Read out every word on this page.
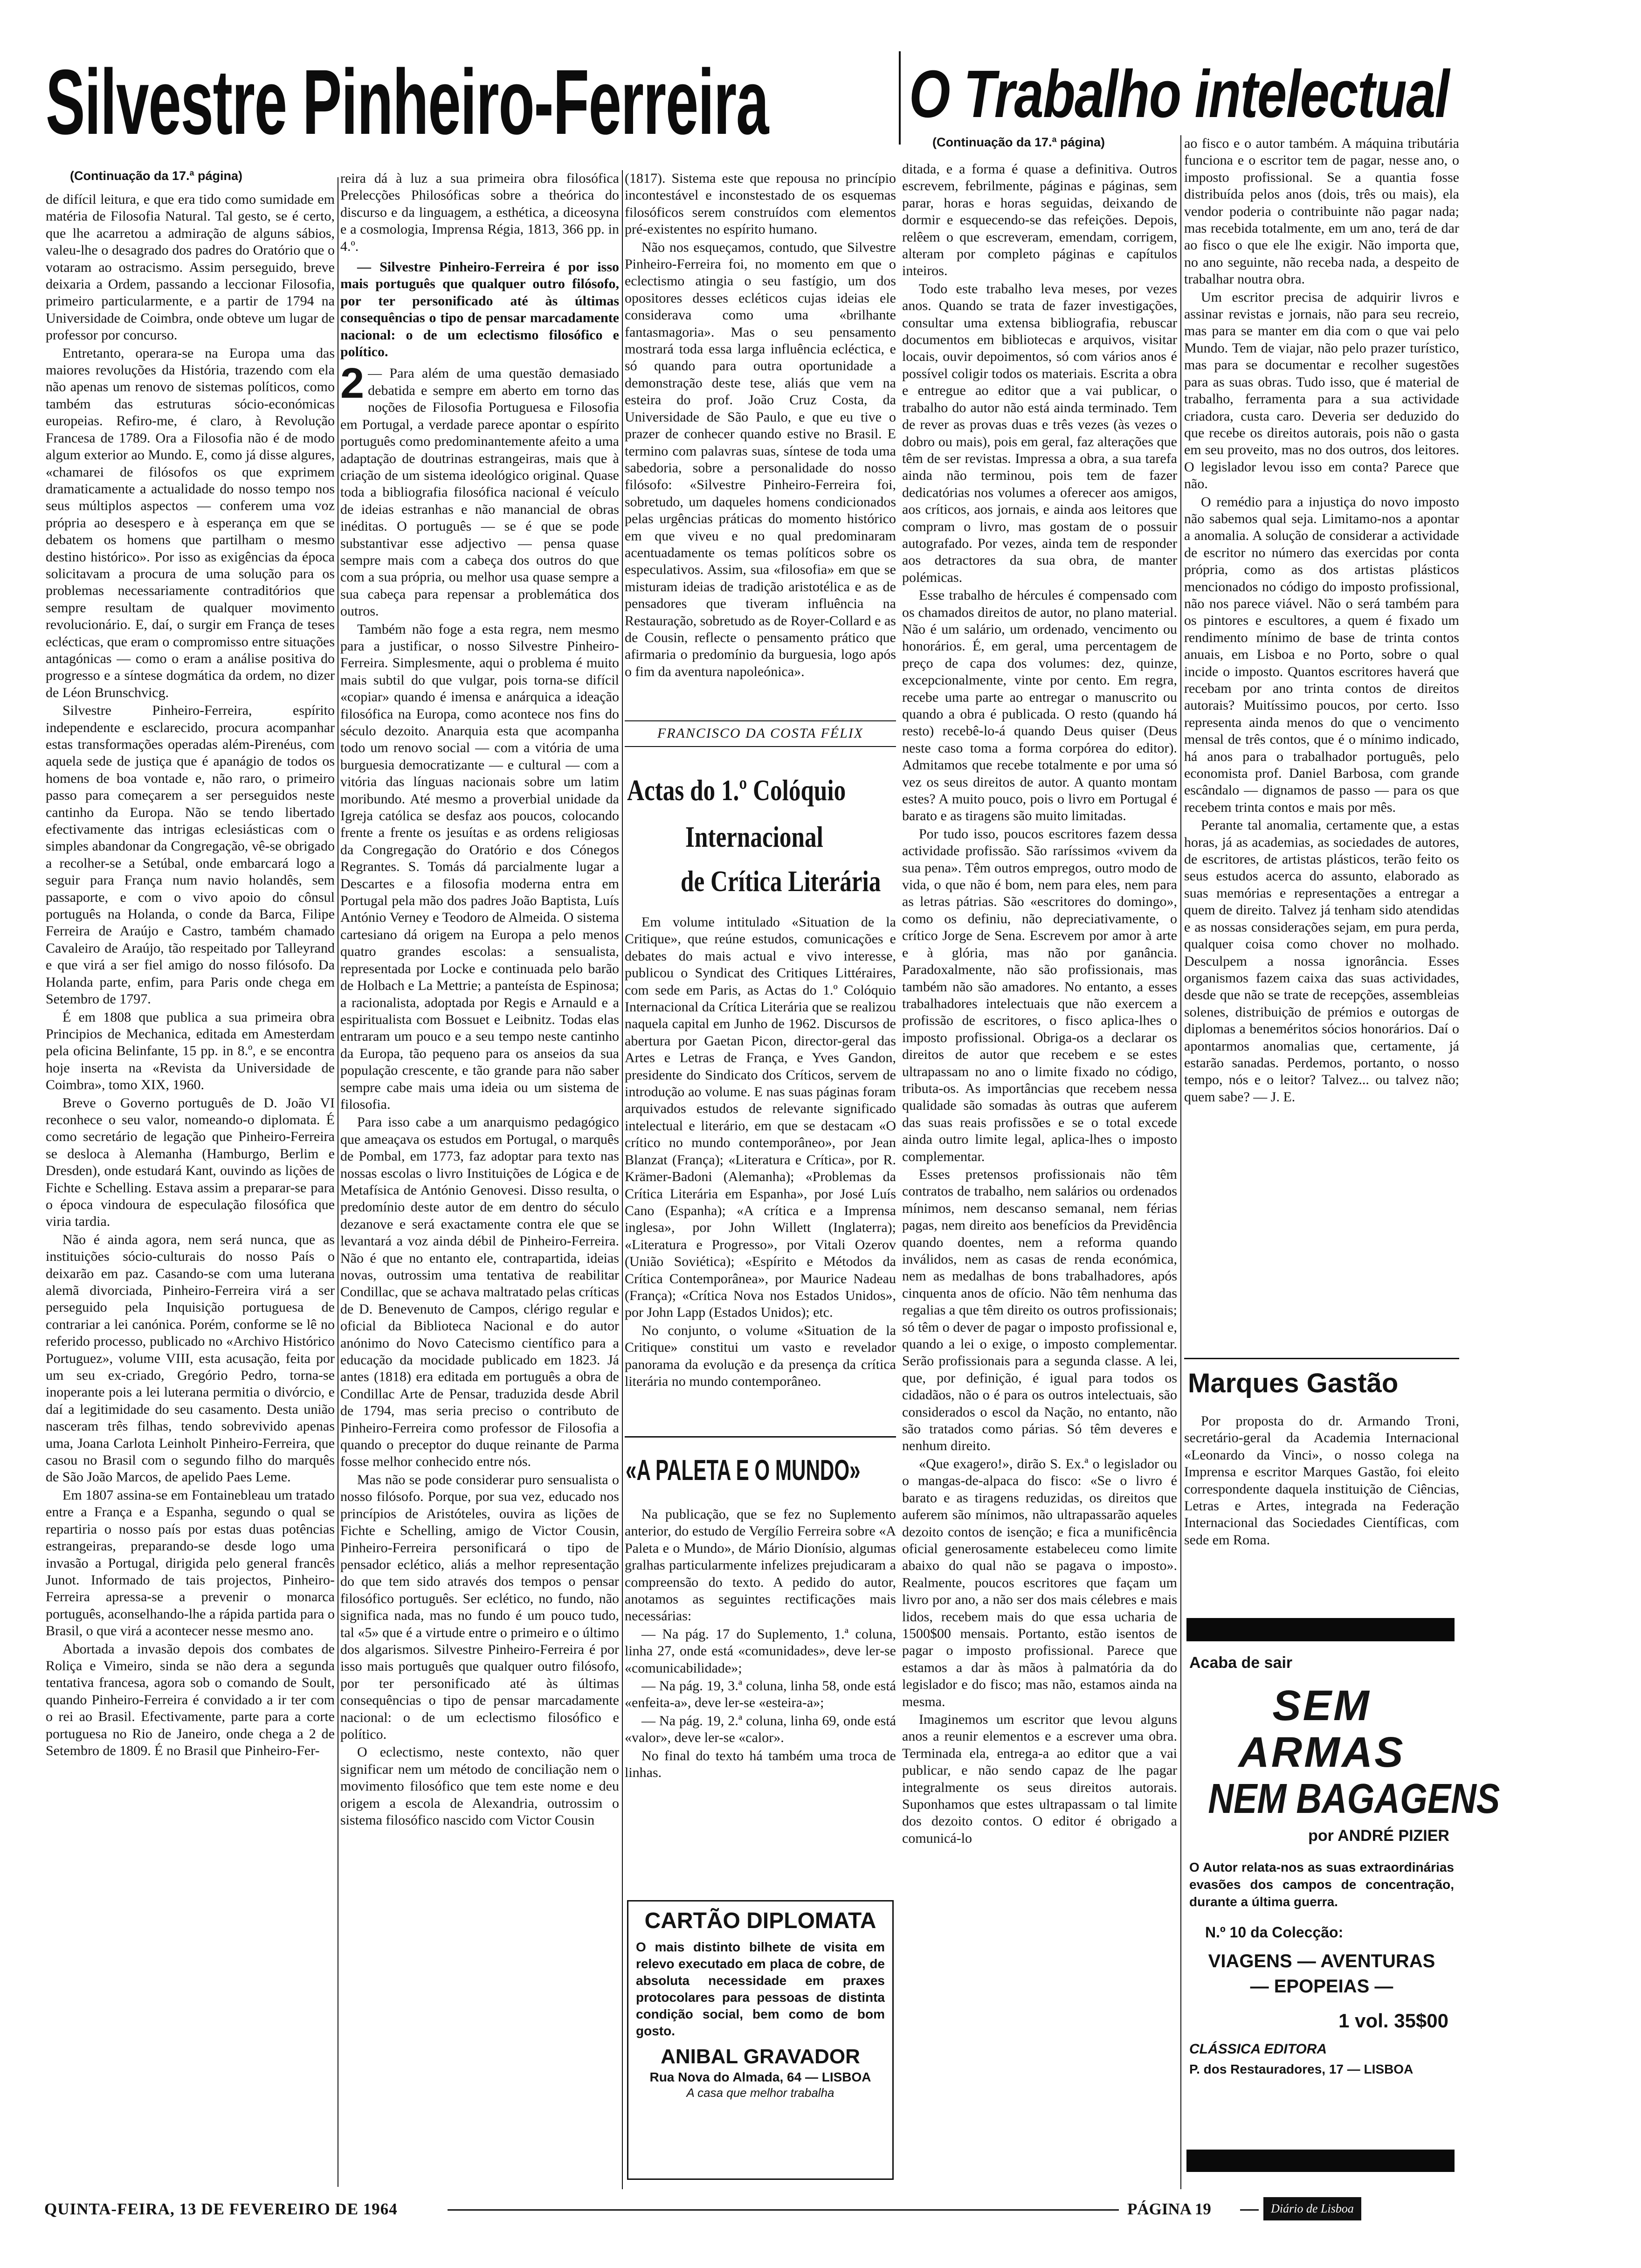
Silvestre Pinheiro-Ferreira
(Continuação da 17.ª página)

de difícil leitura, e que era tido como sumidade em matéria de Filosofia Natural. Tal gesto, se é certo, que lhe acarretou a admiração de alguns sábios, valeu-lhe o desagrado dos padres do Oratório que o votaram ao ostracismo. Assim perseguido, breve deixaria a Ordem, passando a leccionar Filosofia, primeiro particularmente, e a partir de 1794 na Universidade de Coimbra, onde obteve um lugar de professor por concurso.

Entretanto, operara-se na Europa uma das maiores revoluções da História, trazendo com ela não apenas um renovo de sistemas políticos, como também das estruturas sócio-económicas europeias. Refiro-me, é claro, à Revolução Francesa de 1789. Ora a Filosofia não é de modo algum exterior ao Mundo. E, como já disse algures, «chamarei de filósofos os que exprimem dramaticamente a actualidade do nosso tempo nos seus múltiplos aspectos — conferem uma voz própria ao desespero e à esperança em que se debatem os homens que partilham o mesmo destino histórico». Por isso as exigências da época solicitavam a procura de uma solução para os problemas necessariamente contraditórios que sempre resultam de qualquer movimento revolucionário. E, daí, o surgir em França de teses eclécticas, que eram o compromisso entre situações antagónicas — como o eram a análise positiva do progresso e a síntese dogmática da ordem, no dizer de Léon Brunschvicg.

Silvestre Pinheiro-Ferreira, espírito independente e esclarecido, procura acompanhar estas transformações operadas além-Pirenéus, com aquela sede de justiça que é apanágio de todos os homens de boa vontade e, não raro, o primeiro passo para começarem a ser perseguidos neste cantinho da Europa. Não se tendo libertado efectivamente das intrigas eclesiásticas com o simples abandonar da Congregação, vê-se obrigado a recolher-se a Setúbal, onde embarcará logo a seguir para França num navio holandês, sem passaporte, e com o vivo apoio do cônsul português na Holanda, o conde da Barca, Filipe Ferreira de Araújo e Castro, também chamado Cavaleiro de Araújo, tão respeitado por Talleyrand e que virá a ser fiel amigo do nosso filósofo. Da Holanda parte, enfim, para Paris onde chega em Setembro de 1797.

É em 1808 que publica a sua primeira obra Principios de Mechanica, editada em Amesterdam pela oficina Belinfante, 15 pp. in 8.º, e se encontra hoje inserta na «Revista da Universidade de Coimbra», tomo XIX, 1960.

Breve o Governo português de D. João VI reconhece o seu valor, nomeando-o diplomata. É como secretário de legação que Pinheiro-Ferreira se desloca à Alemanha (Hamburgo, Berlim e Dresden), onde estudará Kant, ouvindo as lições de Fichte e Schelling. Estava assim a preparar-se para o época vindoura de especulação filosófica que viria tardia.

Não é ainda agora, nem será nunca, que as instituições sócio-culturais do nosso País o deixarão em paz. Casando-se com uma luterana alemã divorciada, Pinheiro-Ferreira virá a ser perseguido pela Inquisição portuguesa de contrariar a lei canónica. Porém, conforme se lê no referido processo, publicado no «Archivo Histórico Portuguez», volume VIII, esta acusação, feita por um seu ex-criado, Gregório Pedro, torna-se inoperante pois a lei luterana permitia o divórcio, e daí a legitimidade do seu casamento. Desta união nasceram três filhas, tendo sobrevivido apenas uma, Joana Carlota Leinholt Pinheiro-Ferreira, que casou no Brasil com o segundo filho do marquês de São João Marcos, de apelido Paes Leme.

Em 1807 assina-se em Fontainebleau um tratado entre a França e a Espanha, segundo o qual se repartiria o nosso país por estas duas potências estrangeiras, preparando-se desde logo uma invasão a Portugal, dirigida pelo general francês Junot. Informado de tais projectos, Pinheiro-Ferreira apressa-se a prevenir o monarca português, aconselhando-lhe a rápida partida para o Brasil, o que virá a acontecer nesse mesmo ano.

Abortada a invasão depois dos combates de Roliça e Vimeiro, sinda se não dera a segunda tentativa francesa, agora sob o comando de Soult, quando Pinheiro-Ferreira é convidado a ir ter com o rei ao Brasil. Efectivamente, parte para a corte portuguesa no Rio de Janeiro, onde chega a 2 de Setembro de 1809. É no Brasil que Pinheiro-Fer-

reira dá à luz a sua primeira obra filosófica Prelecções Philosóficas sobre a theórica do discurso e da linguagem, a esthética, a diceosyna e a cosmologia, Imprensa Régia, 1813, 366 pp. in 4.º.

— Silvestre Pinheiro-Ferreira é por isso mais português que qualquer outro filósofo, por ter personificado até às últimas consequências o tipo de pensar marcadamente nacional: o de um eclectismo filosófico e político.

2 — Para além de uma questão demasiado debatida e sempre em aberto em torno das noções de Filosofia Portuguesa e Filosofia em Portugal, a verdade parece apontar o espírito português como predominantemente afeito a uma adaptação de doutrinas estrangeiras, mais que à criação de um sistema ideológico original. Quase toda a bibliografia filosófica nacional é veículo de ideias estranhas e não manancial de obras inéditas. O português — se é que se pode substantivar esse adjectivo — pensa quase sempre mais com a cabeça dos outros do que com a sua própria, ou melhor usa quase sempre a sua cabeça para repensar a problemática dos outros.

Também não foge a esta regra, nem mesmo para a justificar, o nosso Silvestre Pinheiro-Ferreira. Simplesmente, aqui o problema é muito mais subtil do que vulgar, pois torna-se difícil «copiar» quando é imensa e anárquica a ideação filosófica na Europa, como acontece nos fins do século dezoito. Anarquia esta que acompanha todo um renovo social — com a vitória de uma burguesia democratizante — e cultural — com a vitória das línguas nacionais sobre um latim moribundo. Até mesmo a proverbial unidade da Igreja católica se desfaz aos poucos, colocando frente a frente os jesuítas e as ordens religiosas da Congregação do Oratório e dos Cónegos Regrantes. S. Tomás dá parcialmente lugar a Descartes e a filosofia moderna entra em Portugal pela mão dos padres João Baptista, Luís António Verney e Teodoro de Almeida. O sistema cartesiano dá origem na Europa a pelo menos quatro grandes escolas: a sensualista, representada por Locke e continuada pelo barão de Holbach e La Mettrie; a panteísta de Espinosa; a racionalista, adoptada por Regis e Arnauld e a espiritualista com Bossuet e Leibnitz. Todas elas entraram um pouco e a seu tempo neste cantinho da Europa, tão pequeno para os anseios da sua população crescente, e tão grande para não saber sempre cabe mais uma ideia ou um sistema de filosofia.

Para isso cabe a um anarquismo pedagógico que ameaçava os estudos em Portugal, o marquês de Pombal, em 1773, faz adoptar para texto nas nossas escolas o livro Instituições de Lógica e de Metafísica de António Genovesi. Disso resulta, o predomínio deste autor de em dentro do século dezanove e será exactamente contra ele que se levantará a voz ainda débil de Pinheiro-Ferreira. Não é que no entanto ele, contrapartida, ideias novas, outrossim uma tentativa de reabilitar Condillac, que se achava maltratado pelas críticas de D. Benevenuto de Campos, clérigo regular e oficial da Biblioteca Nacional e do autor anónimo do Novo Catecismo científico para a educação da mocidade publicado em 1823. Já antes (1818) era editada em português a obra de Condillac Arte de Pensar, traduzida desde Abril de 1794, mas seria preciso o contributo de Pinheiro-Ferreira como professor de Filosofia a quando o preceptor do duque reinante de Parma fosse melhor conhecido entre nós.

Mas não se pode considerar puro sensualista o nosso filósofo. Porque, por sua vez, educado nos princípios de Aristóteles, ouvira as lições de Fichte e Schelling, amigo de Victor Cousin, Pinheiro-Ferreira personificará o tipo de pensador eclético, aliás a melhor representação do que tem sido através dos tempos o pensar filosófico português. Ser eclético, no fundo, não significa nada, mas no fundo é um pouco tudo, tal «5» que é a virtude entre o primeiro e o último dos algarismos. Silvestre Pinheiro-Ferreira é por isso mais português que qualquer outro filósofo, por ter personificado até às últimas consequências o tipo de pensar marcadamente nacional: o de um eclectismo filosófico e político.

O eclectismo, neste contexto, não quer significar nem um método de conciliação nem o movimento filosófico que tem este nome e deu origem a escola de Alexandria, outrossim o sistema filosófico nascido com Victor Cousin

(1817). Sistema este que repousa no princípio incontestável e inconstestado de os esquemas filosóficos serem construídos com elementos pré-existentes no espírito humano.

Não nos esqueçamos, contudo, que Silvestre Pinheiro-Ferreira foi, no momento em que o eclectismo atingia o seu fastígio, um dos opositores desses ecléticos cujas ideias ele considerava como uma «brilhante fantasmagoria». Mas o seu pensamento mostrará toda essa larga influência ecléctica, e só quando para outra oportunidade a demonstração deste tese, aliás que vem na esteira do prof. João Cruz Costa, da Universidade de São Paulo, e que eu tive o prazer de conhecer quando estive no Brasil. E termino com palavras suas, síntese de toda uma sabedoria, sobre a personalidade do nosso filósofo: «Silvestre Pinheiro-Ferreira foi, sobretudo, um daqueles homens condicionados pelas urgências práticas do momento histórico em que viveu e no qual predominaram acentuadamente os temas políticos sobre os especulativos. Assim, sua «filosofia» em que se misturam ideias de tradição aristotélica e as de pensadores que tiveram influência na Restauração, sobretudo as de Royer-Collard e as de Cousin, reflecte o pensamento prático que afirmaria o predomínio da burguesia, logo após o fim da aventura napoleónica».

FRANCISCO DA COSTA FÉLIX
Actas do 1.º Colóquio
Internacional
de Crítica Literária

Em volume intitulado «Situation de la Critique», que reúne estudos, comunicações e debates do mais actual e vivo interesse, publicou o Syndicat des Critiques Littéraires, com sede em Paris, as Actas do 1.º Colóquio Internacional da Crítica Literária que se realizou naquela capital em Junho de 1962. Discursos de abertura por Gaetan Picon, director-geral das Artes e Letras de França, e Yves Gandon, presidente do Sindicato dos Críticos, servem de introdução ao volume. E nas suas páginas foram arquivados estudos de relevante significado intelectual e literário, em que se destacam «O crítico no mundo contemporâneo», por Jean Blanzat (França); «Literatura e Crítica», por R. Krämer-Badoni (Alemanha); «Problemas da Crítica Literária em Espanha», por José Luís Cano (Espanha); «A crítica e a Imprensa inglesa», por John Willett (Inglaterra); «Literatura e Progresso», por Vitali Ozerov (União Soviética); «Espírito e Métodos da Crítica Contemporânea», por Maurice Nadeau (França); «Crítica Nova nos Estados Unidos», por John Lapp (Estados Unidos); etc.

No conjunto, o volume «Situation de la Critique» constitui um vasto e revelador panorama da evolução e da presença da crítica literária no mundo contemporâneo.

«A PALETA E O MUNDO»

Na publicação, que se fez no Suplemento anterior, do estudo de Vergílio Ferreira sobre «A Paleta e o Mundo», de Mário Dionísio, algumas gralhas particularmente infelizes prejudicaram a compreensão do texto. A pedido do autor, anotamos as seguintes rectificações mais necessárias:

— Na pág. 17 do Suplemento, 1.ª coluna, linha 27, onde está «comunidades», deve ler-se «comunicabilidade»;

— Na pág. 19, 3.ª coluna, linha 58, onde está «enfeita-a», deve ler-se «esteira-a»;

— Na pág. 19, 2.ª coluna, linha 69, onde está «valor», deve ler-se «calor».

No final do texto há também uma troca de linhas.

CARTÃO DIPLOMATA
O mais distinto bilhete de visita em relevo executado em placa de cobre, de absoluta necessidade em praxes protocolares para pessoas de distinta condição social, bem como de bom gosto.
ANIBAL GRAVADOR
Rua Nova do Almada, 64 — LISBOA
A casa que melhor trabalha
O Trabalho intelectual
(Continuação da 17.ª página)

ditada, e a forma é quase a definitiva. Outros escrevem, febrilmente, páginas e páginas, sem parar, horas e horas seguidas, deixando de dormir e esquecendo-se das refeições. Depois, relêem o que escreveram, emendam, corrigem, alteram por completo páginas e capítulos inteiros.

Todo este trabalho leva meses, por vezes anos. Quando se trata de fazer investigações, consultar uma extensa bibliografia, rebuscar documentos em bibliotecas e arquivos, visitar locais, ouvir depoimentos, só com vários anos é possível coligir todos os materiais. Escrita a obra e entregue ao editor que a vai publicar, o trabalho do autor não está ainda terminado. Tem de rever as provas duas e três vezes (às vezes o dobro ou mais), pois em geral, faz alterações que têm de ser revistas. Impressa a obra, a sua tarefa ainda não terminou, pois tem de fazer dedicatórias nos volumes a oferecer aos amigos, aos críticos, aos jornais, e ainda aos leitores que compram o livro, mas gostam de o possuir autografado. Por vezes, ainda tem de responder aos detractores da sua obra, de manter polémicas.

Esse trabalho de hércules é compensado com os chamados direitos de autor, no plano material. Não é um salário, um ordenado, vencimento ou honorários. É, em geral, uma percentagem de preço de capa dos volumes: dez, quinze, excepcionalmente, vinte por cento. Em regra, recebe uma parte ao entregar o manuscrito ou quando a obra é publicada. O resto (quando há resto) recebê-lo-á quando Deus quiser (Deus neste caso toma a forma corpórea do editor). Admitamos que recebe totalmente e por uma só vez os seus direitos de autor. A quanto montam estes? A muito pouco, pois o livro em Portugal é barato e as tiragens são muito limitadas.

Por tudo isso, poucos escritores fazem dessa actividade profissão. São raríssimos «vivem da sua pena». Têm outros empregos, outro modo de vida, o que não é bom, nem para eles, nem para as letras pátrias. São «escritores do domingo», como os definiu, não depreciativamente, o crítico Jorge de Sena. Escrevem por amor à arte e à glória, mas não por ganância. Paradoxalmente, não são profissionais, mas também não são amadores. No entanto, a esses trabalhadores intelectuais que não exercem a profissão de escritores, o fisco aplica-lhes o imposto profissional. Obriga-os a declarar os direitos de autor que recebem e se estes ultrapassam no ano o limite fixado no código, tributa-os. As importâncias que recebem nessa qualidade são somadas às outras que auferem das suas reais profissões e se o total excede ainda outro limite legal, aplica-lhes o imposto complementar.

Esses pretensos profissionais não têm contratos de trabalho, nem salários ou ordenados mínimos, nem descanso semanal, nem férias pagas, nem direito aos benefícios da Previdência quando doentes, nem a reforma quando inválidos, nem as casas de renda económica, nem as medalhas de bons trabalhadores, após cinquenta anos de ofício. Não têm nenhuma das regalias a que têm direito os outros profissionais; só têm o dever de pagar o imposto profissional e, quando a lei o exige, o imposto complementar. Serão profissionais para a segunda classe. A lei, que, por definição, é igual para todos os cidadãos, não o é para os outros intelectuais, são considerados o escol da Nação, no entanto, não são tratados como párias. Só têm deveres e nenhum direito.

«Que exagero!», dirão S. Ex.ª o legislador ou o mangas-de-alpaca do fisco: «Se o livro é barato e as tiragens reduzidas, os direitos que auferem são mínimos, não ultrapassarão aqueles dezoito contos de isenção; e fica a munificência oficial generosamente estabeleceu como limite abaixo do qual não se pagava o imposto». Realmente, poucos escritores que façam um livro por ano, a não ser dos mais célebres e mais lidos, recebem mais do que essa ucharia de 1500$00 mensais. Portanto, estão isentos de pagar o imposto profissional. Parece que estamos a dar às mãos à palmatória da do legislador e do fisco; mas não, estamos ainda na mesma.

Imaginemos um escritor que levou alguns anos a reunir elementos e a escrever uma obra. Terminada ela, entrega-a ao editor que a vai publicar, e não sendo capaz de lhe pagar integralmente os seus direitos autorais. Suponhamos que estes ultrapassam o tal limite dos dezoito contos. O editor é obrigado a comunicá-lo

ao fisco e o autor também. A máquina tributária funciona e o escritor tem de pagar, nesse ano, o imposto profissional. Se a quantia fosse distribuída pelos anos (dois, três ou mais), ela vendor poderia o contribuinte não pagar nada; mas recebida totalmente, em um ano, terá de dar ao fisco o que ele lhe exigir. Não importa que, no ano seguinte, não receba nada, a despeito de trabalhar noutra obra.

Um escritor precisa de adquirir livros e assinar revistas e jornais, não para seu recreio, mas para se manter em dia com o que vai pelo Mundo. Tem de viajar, não pelo prazer turístico, mas para se documentar e recolher sugestões para as suas obras. Tudo isso, que é material de trabalho, ferramenta para a sua actividade criadora, custa caro. Deveria ser deduzido do que recebe os direitos autorais, pois não o gasta em seu proveito, mas no dos outros, dos leitores. O legislador levou isso em conta? Parece que não.

O remédio para a injustiça do novo imposto não sabemos qual seja. Limitamo-nos a apontar a anomalia. A solução de considerar a actividade de escritor no número das exercidas por conta própria, como as dos artistas plásticos mencionados no código do imposto profissional, não nos parece viável. Não o será também para os pintores e escultores, a quem é fixado um rendimento mínimo de base de trinta contos anuais, em Lisboa e no Porto, sobre o qual incide o imposto. Quantos escritores haverá que recebam por ano trinta contos de direitos autorais? Muitíssimo poucos, por certo. Isso representa ainda menos do que o vencimento mensal de três contos, que é o mínimo indicado, há anos para o trabalhador português, pelo economista prof. Daniel Barbosa, com grande escândalo — dignamos de passo — para os que recebem trinta contos e mais por mês.

Perante tal anomalia, certamente que, a estas horas, já as academias, as sociedades de autores, de escritores, de artistas plásticos, terão feito os seus estudos acerca do assunto, elaborado as suas memórias e representações a entregar a quem de direito. Talvez já tenham sido atendidas e as nossas considerações sejam, em pura perda, qualquer coisa como chover no molhado. Desculpem a nossa ignorância. Esses organismos fazem caixa das suas actividades, desde que não se trate de recepções, assembleias solenes, distribuição de prémios e outorgas de diplomas a beneméritos sócios honorários. Daí o apontarmos anomalias que, certamente, já estarão sanadas. Perdemos, portanto, o nosso tempo, nós e o leitor? Talvez... ou talvez não; quem sabe? — J. E.

Marques Gastão

Por proposta do dr. Armando Troni, secretário-geral da Academia Internacional «Leonardo da Vinci», o nosso colega na Imprensa e escritor Marques Gastão, foi eleito correspondente daquela instituição de Ciências, Letras e Artes, integrada na Federação Internacional das Sociedades Científicas, com sede em Roma.

Acaba de sair
SEM ARMAS
NEM BAGAGENS
por ANDRÉ PIZIER
O Autor relata-nos as suas extraordinárias evasões dos campos de concentração, durante a última guerra.
N.º 10 da Colecção:
VIAGENS — AVENTURAS
— EPOPEIAS —
1 vol. 35$00
CLÁSSICA EDITORA
P. dos Restauradores, 17 — LISBOA
QUINTA-FEIRA, 13 DE FEVEREIRO DE 1964	PÁGINA 19	Diário de Lisboa
